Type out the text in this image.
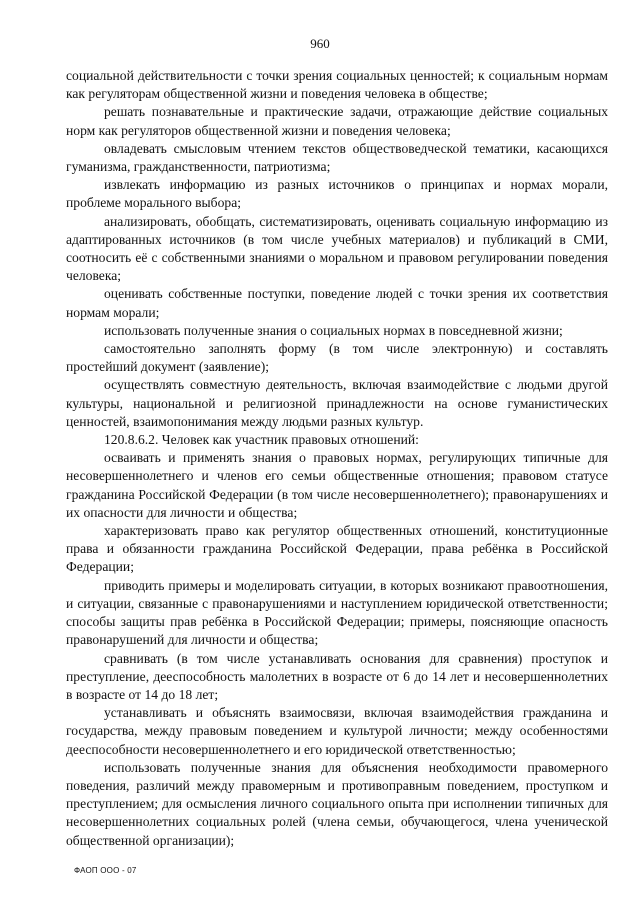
960

социальной действительности с точки зрения социальных ценностей; к социальным нормам как регуляторам общественной жизни и поведения человека в обществе;

решать познавательные и практические задачи, отражающие действие социальных норм как регуляторов общественной жизни и поведения человека;

овладевать смысловым чтением текстов обществоведческой тематики, касающихся гуманизма, гражданственности, патриотизма;

извлекать информацию из разных источников о принципах и нормах морали, проблеме морального выбора;

анализировать, обобщать, систематизировать, оценивать социальную информацию из адаптированных источников (в том числе учебных материалов) и публикаций в СМИ, соотносить её с собственными знаниями о моральном и правовом регулировании поведения человека;

оценивать собственные поступки, поведение людей с точки зрения их соответствия нормам морали;

использовать полученные знания о социальных нормах в повседневной жизни;

самостоятельно заполнять форму (в том числе электронную) и составлять простейший документ (заявление);

осуществлять совместную деятельность, включая взаимодействие с людьми другой культуры, национальной и религиозной принадлежности на основе гуманистических ценностей, взаимопонимания между людьми разных культур.

120.8.6.2. Человек как участник правовых отношений:

осваивать и применять знания о правовых нормах, регулирующих типичные для несовершеннолетнего и членов его семьи общественные отношения; правовом статусе гражданина Российской Федерации (в том числе несовершеннолетнего); правонарушениях и их опасности для личности и общества;

характеризовать право как регулятор общественных отношений, конституционные права и обязанности гражданина Российской Федерации, права ребёнка в Российской Федерации;

приводить примеры и моделировать ситуации, в которых возникают правоотношения, и ситуации, связанные с правонарушениями и наступлением юридической ответственности; способы защиты прав ребёнка в Российской Федерации; примеры, поясняющие опасность правонарушений для личности и общества;

сравнивать (в том числе устанавливать основания для сравнения) проступок и преступление, дееспособность малолетних в возрасте от 6 до 14 лет и несовершеннолетних в возрасте от 14 до 18 лет;

устанавливать и объяснять взаимосвязи, включая взаимодействия гражданина и государства, между правовым поведением и культурой личности; между особенностями дееспособности несовершеннолетнего и его юридической ответственностью;

использовать полученные знания для объяснения необходимости правомерного поведения, различий между правомерным и противоправным поведением, проступком и преступлением; для осмысления личного социального опыта при исполнении типичных для несовершеннолетних социальных ролей (члена семьи, обучающегося, члена ученической общественной организации);

ФАОП ООО - 07
